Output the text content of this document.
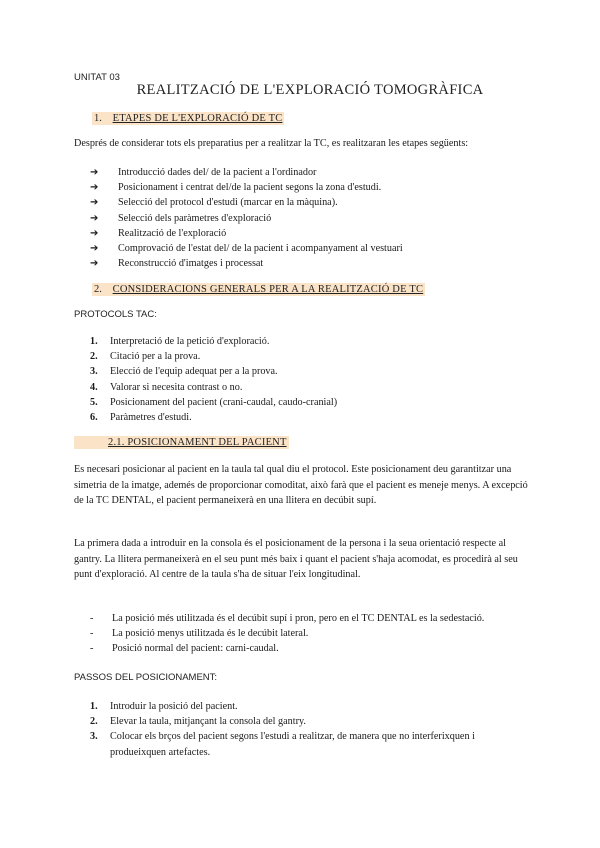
UNITAT 03
REALITZACIÓ DE L'EXPLORACIÓ TOMOGRÀFICA
1. ETAPES DE L'EXPLORACIÓ DE TC

Després de considerar tots els preparatius per a realitzar la TC, es realitzaran les etapes següents:

➔ Introducció dades del/ de la pacient a l'ordinador
➔ Posicionament i centrat del/de la pacient segons la zona d'estudi.
➔ Selecció del protocol d'estudi (marcar en la màquina).
➔ Selecció dels paràmetres d'exploració
➔ Realització de l'exploració
➔ Comprovació de l'estat del/ de la pacient i acompanyament al vestuari
➔ Reconstrucció d'imatges i processat
2. CONSIDERACIONS GENERALS PER A LA REALITZACIÓ DE TC
PROTOCOLS TAC:
1. Interpretació de la petició d'exploració.
2. Citació per a la prova.
3. Elecció de l'equip adequat per a la prova.
4. Valorar si necesita contrast o no.
5. Posicionament del pacient (crani-caudal, caudo-cranial)
6. Paràmetres d'estudi.
2.1. POSICIONAMENT DEL PACIENT

Es necesari posicionar al pacient en la taula tal qual diu el protocol. Este posicionament deu garantitzar una simetria de la imatge, ademés de proporcionar comoditat, això farà que el pacient es meneje menys. A excepció de la TC DENTAL, el pacient permaneixerà en una llitera en decúbit supí.

La primera dada a introduir en la consola és el posicionament de la persona i la seua orientació respecte al gantry. La llitera permaneixerà en el seu punt més baix i quant el pacient s'haja acomodat, es procedirà al seu punt d'exploració. Al centre de la taula s'ha de situar l'eix longitudinal.

- La posició més utilitzada és el decúbit supí i pron, pero en el TC DENTAL es la sedestació.
- La posició menys utilitzada és le decúbit lateral.
- Posició normal del pacient: carni-caudal.
PASSOS DEL POSICIONAMENT:
1.	Introduir la posició del pacient.
2.	Elevar la taula, mitjançant la consola del gantry.
3.	Colocar els brços del pacient segons l'estudi a realitzar, de manera que no interferixquen i produeixquen artefactes.
